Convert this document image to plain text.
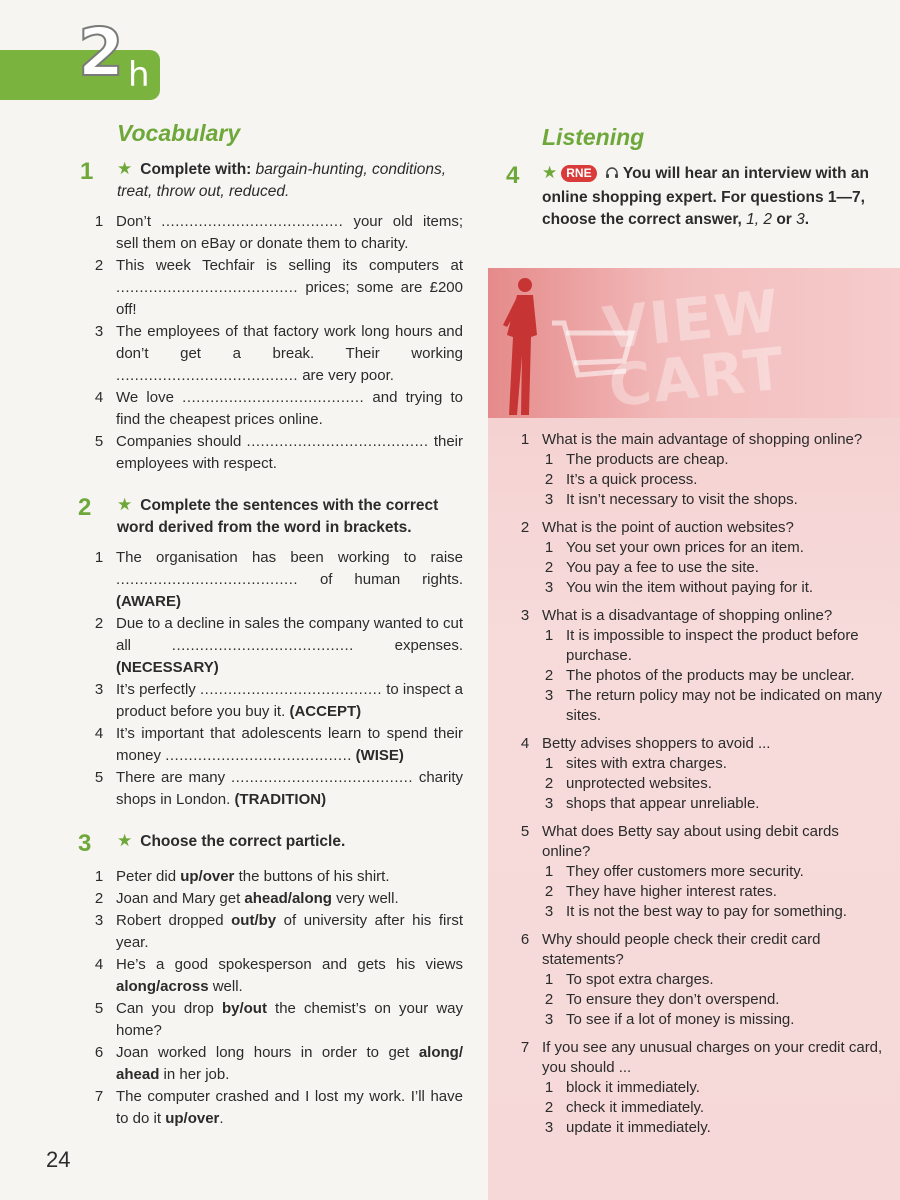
2 h
Vocabulary
1 ★ Complete with: bargain-hunting, conditions, treat, throw out, reduced.
1 Don’t .....	your old items; sell them on eBay or donate them to charity.
2 This week Techfair is selling its computers at ..... prices; some are £200 off!
3 The employees of that factory work long hours and don’t get a break. Their working ..... are very poor.
4 We love .....	and trying to find the cheapest prices online.
5 Companies should .....	their employees with respect.
2 ★ Complete the sentences with the correct word derived from the word in brackets.
1 The organisation has been working to raise ..... of human rights. (AWARE)
2 Due to a decline in sales the company wanted to cut all .....	expenses. (NECESSARY)
3 It’s perfectly .....	to inspect a product before you buy it. (ACCEPT)
4 It’s important that adolescents learn to spend their money .....	. (WISE)
5 There are many .....	charity shops in London. (TRADITION)
3 ★ Choose the correct particle.
1 Peter did up/over the buttons of his shirt.
2 Joan and Mary get ahead/along very well.
3 Robert dropped out/by of university after his first year.
4 He’s a good spokesperson and gets his views along/across well.
5 Can you drop by/out the chemist’s on your way home?
6 Joan worked long hours in order to get along/ ahead in her job.
7 The computer crashed and I lost my work. I’ll have to do it up/over.
Listening
4 ★ RNE You will hear an interview with an online shopping expert. For questions 1—7, choose the correct answer, 1, 2 or 3.
VIEW CART
1 What is the main advantage of shopping online?
1 The products are cheap.
2 It’s a quick process.
3 It isn’t necessary to visit the shops.
2 What is the point of auction websites?
1 You set your own prices for an item.
2 You pay a fee to use the site.
3 You win the item without paying for it.
3 What is a disadvantage of shopping online?
1 It is impossible to inspect the product before purchase.
2 The photos of the products may be unclear.
3 The return policy may not be indicated on many sites.
4 Betty advises shoppers to avoid ...
1 sites with extra charges.
2 unprotected websites.
3 shops that appear unreliable.
5 What does Betty say about using debit cards online?
1 They offer customers more security.
2 They have higher interest rates.
3 It is not the best way to pay for something.
6 Why should people check their credit card statements?
1 To spot extra charges.
2 To ensure they don’t overspend.
3 To see if a lot of money is missing.
7 If you see any unusual charges on your credit card, you should ...
1 block it immediately.
2 check it immediately.
3 update it immediately.
24
